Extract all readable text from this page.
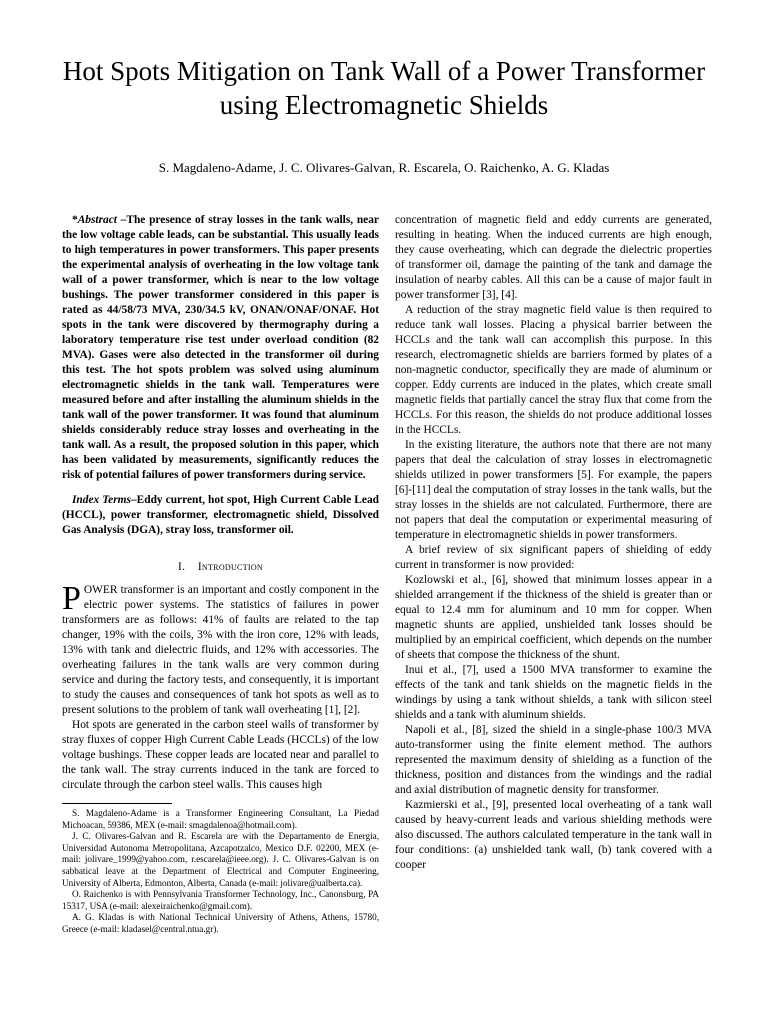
Hot Spots Mitigation on Tank Wall of a Power Transformer using Electromagnetic Shields

S. Magdaleno-Adame, J. C. Olivares-Galvan, R. Escarela, O. Raichenko, A. G. Kladas

*Abstract –The presence of stray losses in the tank walls, near the low voltage cable leads, can be substantial. This usually leads to high temperatures in power transformers. This paper presents the experimental analysis of overheating in the low voltage tank wall of a power transformer, which is near to the low voltage bushings. The power transformer considered in this paper is rated as 44/58/73 MVA, 230/34.5 kV, ONAN/ONAF/ONAF. Hot spots in the tank were discovered by thermography during a laboratory temperature rise test under overload condition (82 MVA). Gases were also detected in the transformer oil during this test. The hot spots problem was solved using aluminum electromagnetic shields in the tank wall. Temperatures were measured before and after installing the aluminum shields in the tank wall of the power transformer. It was found that aluminum shields considerably reduce stray losses and overheating in the tank wall. As a result, the proposed solution in this paper, which has been validated by measurements, significantly reduces the risk of potential failures of power transformers during service.

Index Terms–Eddy current, hot spot, High Current Cable Lead (HCCL), power transformer, electromagnetic shield, Dissolved Gas Analysis (DGA), stray loss, transformer oil.

I. Introduction

POWER transformer is an important and costly component in the electric power systems. The statistics of failures in power transformers are as follows: 41% of faults are related to the tap changer, 19% with the coils, 3% with the iron core, 12% with leads, 13% with tank and dielectric fluids, and 12% with accessories. The overheating failures in the tank walls are very common during service and during the factory tests, and consequently, it is important to study the causes and consequences of tank hot spots as well as to present solutions to the problem of tank wall overheating [1], [2].

Hot spots are generated in the carbon steel walls of transformer by stray fluxes of copper High Current Cable Leads (HCCLs) of the low voltage bushings. These copper leads are located near and parallel to the tank wall. The stray currents induced in the tank are forced to circulate through the carbon steel walls. This causes high

S. Magdaleno-Adame is a Transformer Engineering Consultant, La Piedad Michoacan, 59386, MEX (e-mail: smagdalenoa@hotmail.com).

J. C. Olivares-Galvan and R. Escarela are with the Departamento de Energia, Universidad Autonoma Metropolitana, Azcapotzalco, Mexico D.F. 02200, MEX (e-mail: jolivare_1999@yahoo.com, r.escarela@ieee.org). J. C. Olivares-Galvan is on sabbatical leave at the Department of Electrical and Computer Engineering, University of Alberta, Edmonton, Alberta, Canada (e-mail: jolivare@ualberta.ca).

O. Raichenko is with Pennsylvania Transformer Technology, Inc., Canonsburg, PA 15317, USA (e-mail: alexeiraichenko@gmail.com).

A. G. Kladas is with National Technical University of Athens, Athens, 15780, Greece (e-mail: kladasel@central.ntua.gr).

concentration of magnetic field and eddy currents are generated, resulting in heating. When the induced currents are high enough, they cause overheating, which can degrade the dielectric properties of transformer oil, damage the painting of the tank and damage the insulation of nearby cables. All this can be a cause of major fault in power transformer [3], [4].

A reduction of the stray magnetic field value is then required to reduce tank wall losses. Placing a physical barrier between the HCCLs and the tank wall can accomplish this purpose. In this research, electromagnetic shields are barriers formed by plates of a non-magnetic conductor, specifically they are made of aluminum or copper. Eddy currents are induced in the plates, which create small magnetic fields that partially cancel the stray flux that come from the HCCLs. For this reason, the shields do not produce additional losses in the HCCLs.

In the existing literature, the authors note that there are not many papers that deal the calculation of stray losses in electromagnetic shields utilized in power transformers [5]. For example, the papers [6]-[11] deal the computation of stray losses in the tank walls, but the stray losses in the shields are not calculated. Furthermore, there are not papers that deal the computation or experimental measuring of temperature in electromagnetic shields in power transformers.

A brief review of six significant papers of shielding of eddy current in transformer is now provided:

Kozlowski et al., [6], showed that minimum losses appear in a shielded arrangement if the thickness of the shield is greater than or equal to 12.4 mm for aluminum and 10 mm for copper. When magnetic shunts are applied, unshielded tank losses should be multiplied by an empirical coefficient, which depends on the number of sheets that compose the thickness of the shunt.

Inui et al., [7], used a 1500 MVA transformer to examine the effects of the tank and tank shields on the magnetic fields in the windings by using a tank without shields, a tank with silicon steel shields and a tank with aluminum shields.

Napoli et al., [8], sized the shield in a single-phase 100/3 MVA auto-transformer using the finite element method. The authors represented the maximum density of shielding as a function of the thickness, position and distances from the windings and the radial and axial distribution of magnetic density for transformer.

Kazmierski et al., [9], presented local overheating of a tank wall caused by heavy-current leads and various shielding methods were also discussed. The authors calculated temperature in the tank wall in four conditions: (a) unshielded tank wall, (b) tank covered with a cooper
